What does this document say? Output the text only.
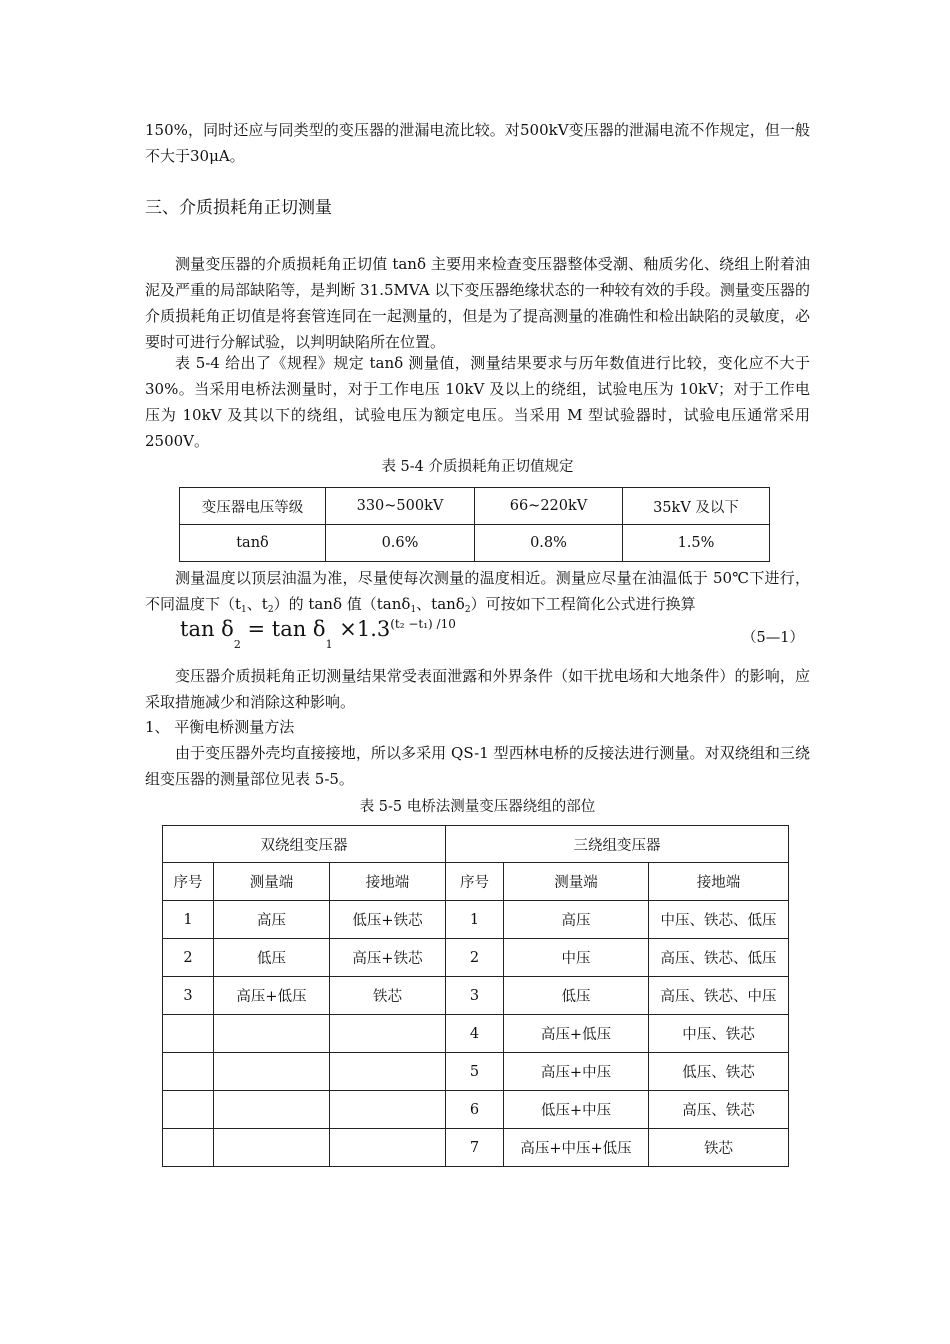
150%，同时还应与同类型的变压器的泄漏电流比较。对500kV变压器的泄漏电流不作规定，但一般不大于30μA。

三、介质损耗角正切测量

测量变压器的介质损耗角正切值 tanδ 主要用来检查变压器整体受潮、釉质劣化、绕组上附着油泥及严重的局部缺陷等，是判断 31.5MVA 以下变压器绝缘状态的一种较有效的手段。测量变压器的介质损耗角正切值是将套管连同在一起测量的，但是为了提高测量的准确性和检出缺陷的灵敏度，必要时可进行分解试验，以判明缺陷所在位置。

表 5-4 给出了《规程》规定 tanδ 测量值，测量结果要求与历年数值进行比较，变化应不大于 30%。当采用电桥法测量时，对于工作电压 10kV 及以上的绕组，试验电压为 10kV；对于工作电压为 10kV 及其以下的绕组，试验电压为额定电压。当采用 M 型试验器时，试验电压通常采用 2500V。

表 5-4 介质损耗角正切值规定

变压器电压等级	330~500kV	66~220kV	35kV 及以下
tanδ	0.6%	0.8%	1.5%

测量温度以顶层油温为准，尽量使每次测量的温度相近。测量应尽量在油温低于 50℃下进行，不同温度下（$t_1$、$t_2$）的 tanδ 值（tanδ$_1$、tanδ$_2$）可按如下工程简化公式进行换算

$\tan \delta_2 = \tan \delta_1 \times 1.3^{(t_2 -t_1) /10}$
（5—1）

变压器介质损耗角正切测量结果常受表面泄露和外界条件（如干扰电场和大地条件）的影响，应采取措施减少和消除这种影响。

1、 平衡电桥测量方法

由于变压器外壳均直接接地，所以多采用 QS-1 型西林电桥的反接法进行测量。对双绕组和三绕组变压器的测量部位见表 5-5。

表 5-5 电桥法测量变压器绕组的部位

双绕组变压器			三绕组变压器		
序号	测量端	接地端	序号	测量端	接地端
1	高压	低压+铁芯	1	高压	中压、铁芯、低压
2	低压	高压+铁芯	2	中压	高压、铁芯、低压
3	高压+低压	铁芯	3	低压	高压、铁芯、中压
			4	高压+低压	中压、铁芯
			5	高压+中压	低压、铁芯
			6	低压+中压	高压、铁芯
			7	高压+中压+低压	铁芯
